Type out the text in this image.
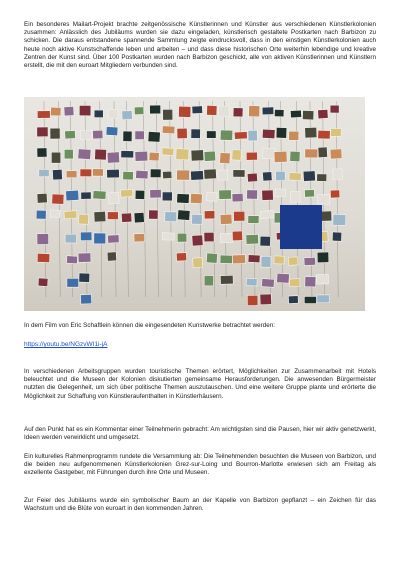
Ein besonderes Mailart-Projekt brachte zeitgenössische Künstlerinnen und Künstler aus verschiedenen Künstlerkolonien zusammen: Anlässlich des Jubiläums wurden sie dazu eingeladen, künstlerisch gestaltete Postkarten nach Barbizon zu schicken. Die daraus entstandene spannende Sammlung zeigte eindrucksvoll, dass in den einstigen Künstlerkolonien auch heute noch aktive Kunstschaffende leben und arbeiten – und dass diese historischen Orte weiterhin lebendige und kreative Zentren der Kunst sind. Über 100 Postkarten wurden nach Barbizon geschickt, alle von aktiven Künstlerinnen und Künstlern erstellt, die mit den euroart Mitgliedern verbunden sind.

In dem Film von Eric Schaftlein können die eingesendeten Kunstwerke betrachtet werden:

https://youtu.be/NGzvWI1i-jA

In verschiedenen Arbeitsgruppen wurden touristische Themen erörtert, Möglichkeiten zur Zusammenarbeit mit Hotels beleuchtet und die Museen der Kolonien diskutierten gemeinsame Herausforderungen. Die anwesenden Bürgermeister nutzten die Gelegenheit, um sich über politische Themen auszutauschen. Und eine weitere Gruppe plante und erörterte die Möglichkeit zur Schaffung von Künstleraufenthalten in Künstlerhäusern.

Auf den Punkt hat es ein Kommentar einer Teilnehmerin gebracht: Am wichtigsten sind die Pausen, hier wir aktiv genetzwerkt, Ideen werden verwirklicht und umgesetzt.

Ein kulturelles Rahmenprogramm rundete die Versammlung ab: Die Teilnehmenden besuchten die Museen von Barbizon, und die beiden neu aufgenommenen Künstlerkolonien Grez-sur-Loing und Bourron-Marlotte erwiesen sich am Freitag als exzellente Gastgeber, mit Führungen durch ihre Orte und Museen.

Zur Feier des Jubiläums wurde ein symbolischer Baum an der Kapelle von Barbizon gepflanzt – ein Zeichen für das Wachstum und die Blüte von euroart in den kommenden Jahren.
